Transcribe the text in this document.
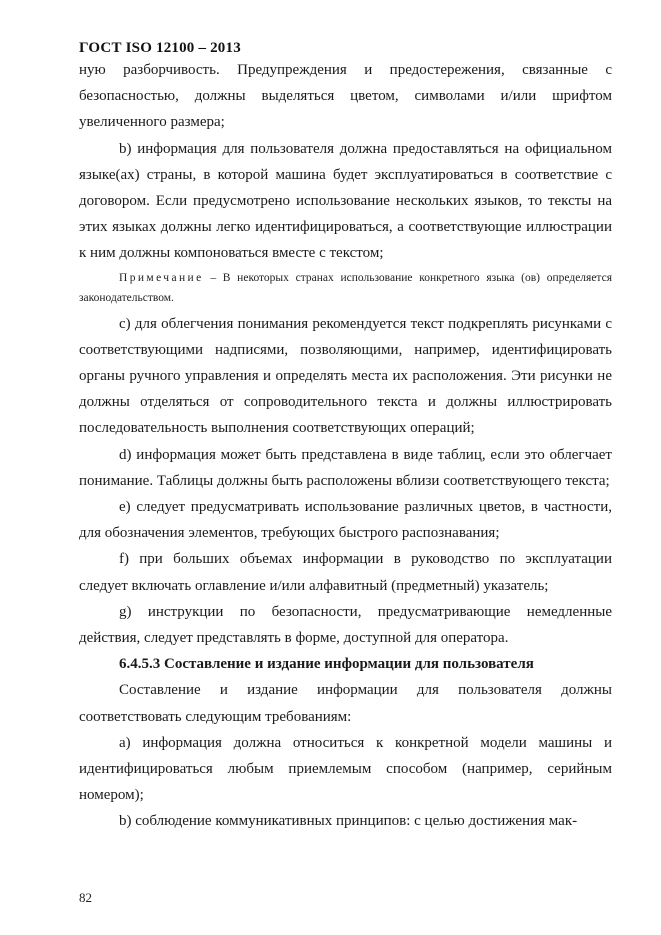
ГОСТ ISO 12100 – 2013

ную разборчивость. Предупреждения и предостережения, связанные с безопасностью, должны выделяться цветом, символами и/или шрифтом увеличенного размера;

b) информация для пользователя должна предоставляться на официальном языке(ах) страны, в которой машина будет эксплуатироваться в соответствие с договором. Если предусмотрено использование нескольких языков, то тексты на этих языках должны легко идентифицироваться, а соответствующие иллюстрации к ним должны компоноваться вместе с текстом;

Примечание – В некоторых странах использование конкретного языка (ов) определяется законодательством.

c) для облегчения понимания рекомендуется текст подкреплять рисунками с соответствующими надписями, позволяющими, например, идентифицировать органы ручного управления и определять места их расположения. Эти рисунки не должны отделяться от сопроводительного текста и должны иллюстрировать последовательность выполнения соответствующих операций;

d) информация может быть представлена в виде таблиц, если это облегчает понимание. Таблицы должны быть расположены вблизи соответствующего текста;

e) следует предусматривать использование различных цветов, в частности, для обозначения элементов, требующих быстрого распознавания;

f) при больших объемах информации в руководство по эксплуатации следует включать оглавление и/или алфавитный (предметный) указатель;

g) инструкции по безопасности, предусматривающие немедленные действия, следует представлять в форме, доступной для оператора.

6.4.5.3 Составление и издание информации для пользователя

Составление и издание информации для пользователя должны соответствовать следующим требованиям:

a) информация должна относиться к конкретной модели машины и идентифицироваться любым приемлемым способом (например, серийным номером);

b) соблюдение коммуникативных принципов: с целью достижения мак-

82
